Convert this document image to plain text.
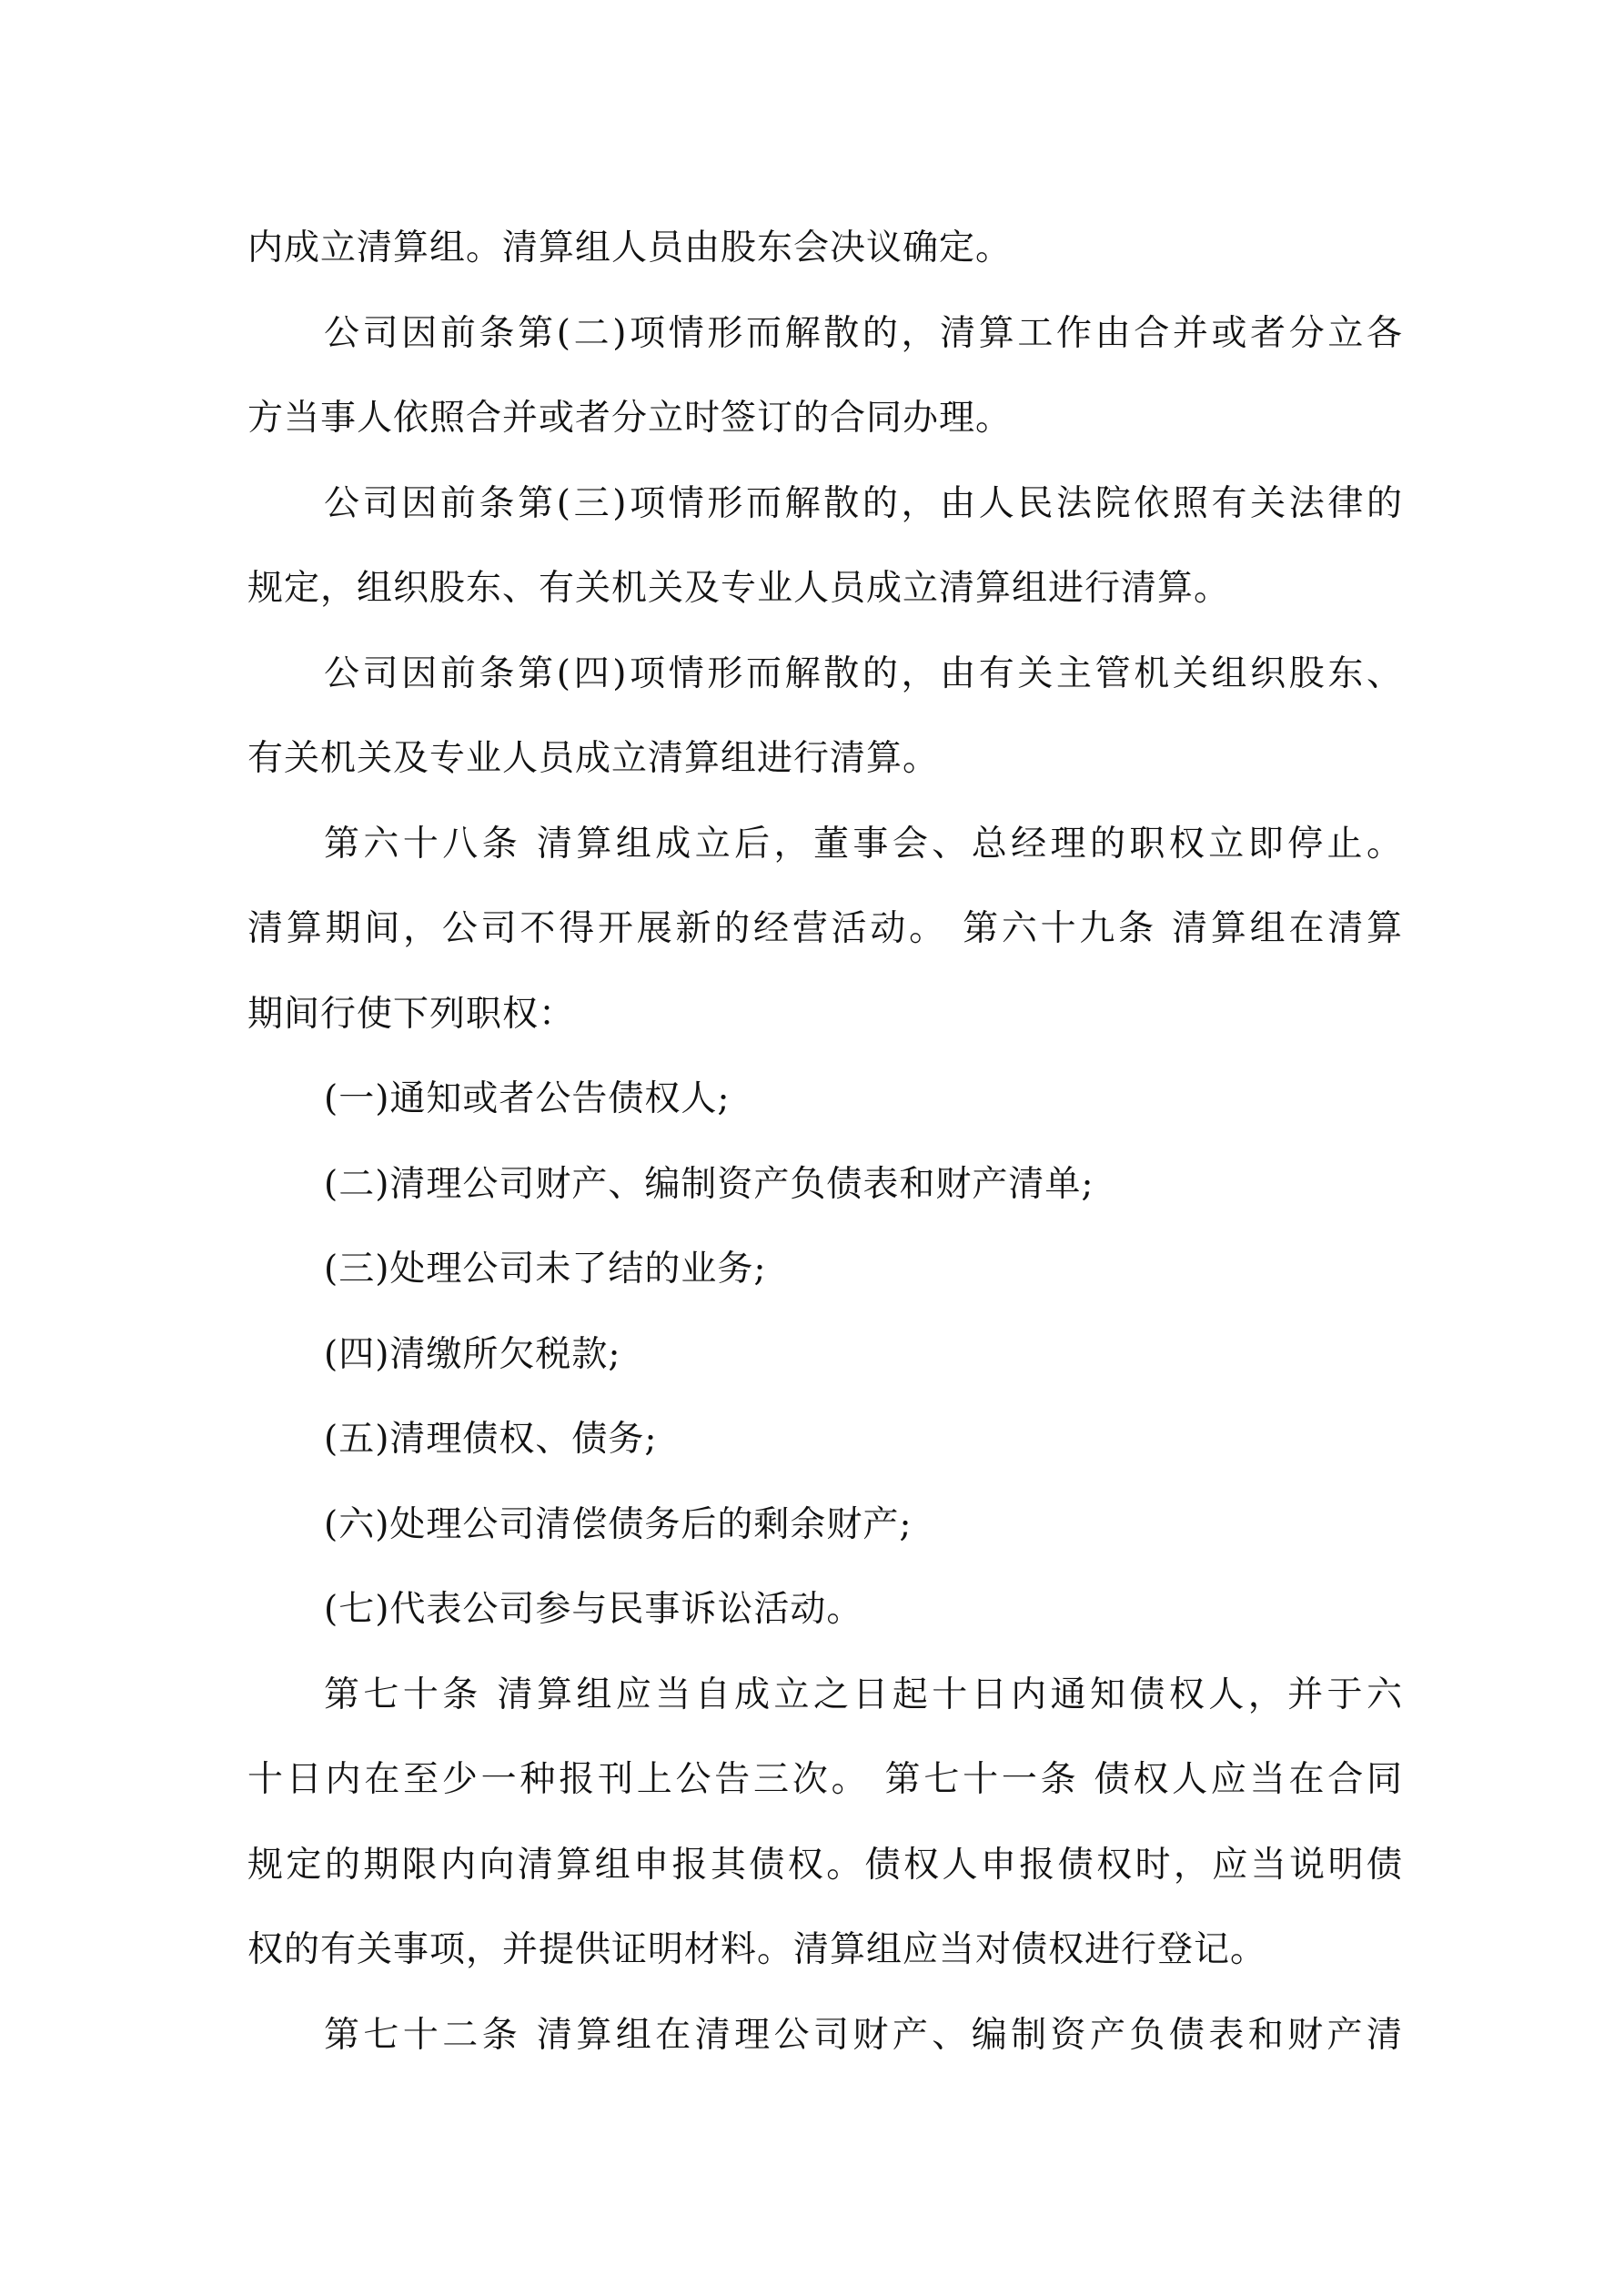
内成立清算组。清算组人员由股东会决议确定。
公司因前条第(二)项情形而解散的，清算工作由合并或者分立各
方当事人依照合并或者分立时签订的合同办理。
公司因前条第(三)项情形而解散的，由人民法院依照有关法律的
规定，组织股东、有关机关及专业人员成立清算组进行清算。
公司因前条第(四)项情形而解散的，由有关主管机关组织股东、
有关机关及专业人员成立清算组进行清算。
第六十八条 清算组成立后，董事会、总经理的职权立即停止。
清算期间，公司不得开展新的经营活动。 第六十九条 清算组在清算
期间行使下列职权：
(一)通知或者公告债权人;
(二)清理公司财产、编制资产负债表和财产清单;
(三)处理公司未了结的业务;
(四)清缴所欠税款;
(五)清理债权、债务;
(六)处理公司清偿债务后的剩余财产;
(七)代表公司参与民事诉讼活动。
第七十条 清算组应当自成立之日起十日内通知债权人，并于六
十日内在至少一种报刊上公告三次。 第七十一条 债权人应当在合同
规定的期限内向清算组申报其债权。债权人申报债权时，应当说明债
权的有关事项，并提供证明材料。清算组应当对债权进行登记。
第七十二条 清算组在清理公司财产、编制资产负债表和财产清
